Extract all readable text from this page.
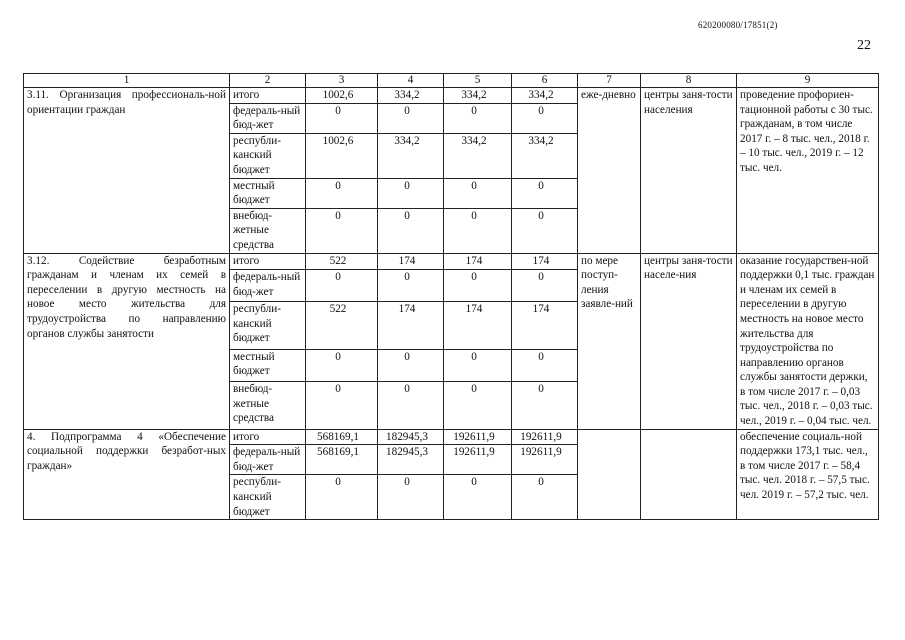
620200080/17851(2)
22
1	2	3	4	5	6	7	8	9
3.11. Организация профессиональ-ной ориентации граждан	итого	1002,6	334,2	334,2	334,2	еже-дневно	центры заня-тости населения	проведение профориен-тационной работы с 30 тыс. гражданам, в том числе 2017 г. – 8 тыс. чел., 2018 г. – 10 тыс. чел., 2019 г. – 12 тыс. чел.
	федераль-ный бюд-жет	0	0	0	0			
	республи-канский бюджет	1002,6	334,2	334,2	334,2			
	местный бюджет	0	0	0	0			
	внебюд-жетные средства	0	0	0	0			
3.12. Содействие безработным гражданам и членам их семей в переселении в другую местность на новое место жительства для трудоустройства по направлению органов службы занятости	итого	522	174	174	174	по мере поступ-ления заявле-ний	центры заня-тости населе-ния	оказание государствен-ной поддержки 0,1 тыс. граждан и членам их семей в переселении в другую местность на новое место жительства для трудоустройства по направлению органов службы занятости держки, в том числе 2017 г. – 0,03 тыс. чел., 2018 г. – 0,03 тыс. чел., 2019 г. – 0,04 тыс. чел.
	федераль-ный бюд-жет	0	0	0	0			
	республи-канский бюджет	522	174	174	174			
	местный бюджет	0	0	0	0			
	внебюд-жетные средства	0	0	0	0			
4. Подпрограмма 4 «Обеспечение социальной поддержки безработ-ных граждан»	итого	568169,1	182945,3	192611,9	192611,9			обеспечение социаль-ной поддержки 173,1 тыс. чел., в том числе 2017 г. – 58,4 тыс. чел. 2018 г. – 57,5 тыс. чел. 2019 г. – 57,2 тыс. чел.
	федераль-ный бюд-жет	568169,1	182945,3	192611,9	192611,9			
	республи-канский бюджет	0	0	0	0			
